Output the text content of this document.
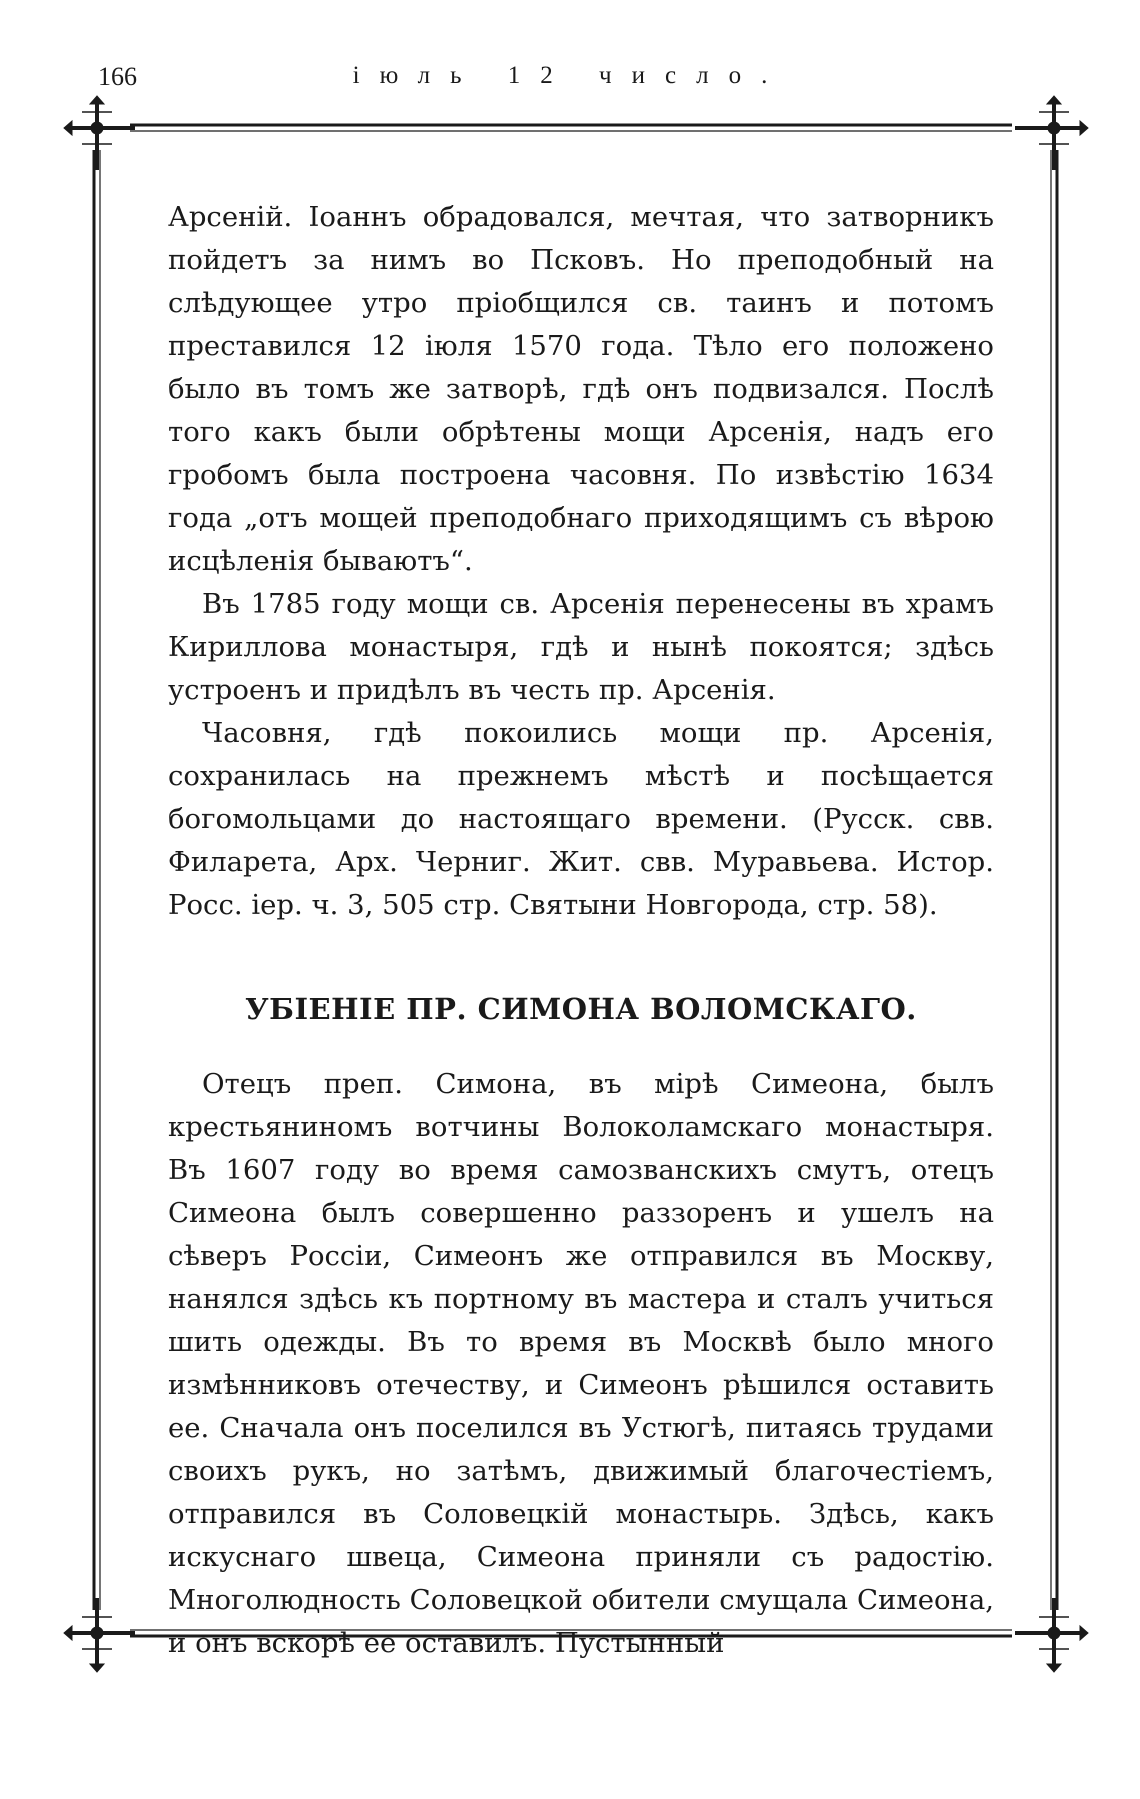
166	іюль 12 число.

Арсеній. Іоаннъ обрадовался, мечтая, что затворникъ пойдетъ за нимъ во Псковъ. Но преподобный на слѣдующее утро пріобщился св. таинъ и потомъ преставился 12 іюля 1570 года. Тѣло его положено было въ томъ же затворѣ, гдѣ онъ подвизался. Послѣ того какъ были обрѣтены мощи Арсенія, надъ его гробомъ была построена часовня. По извѣстію 1634 года „отъ мощей преподобнаго приходящимъ съ вѣрою исцѣленія бываютъ“.

Въ 1785 году мощи св. Арсенія перенесены въ храмъ Кириллова монастыря, гдѣ и нынѣ покоятся; здѣсь устроенъ и придѣлъ въ честь пр. Арсенія.

Часовня, гдѣ покоились мощи пр. Арсенія, сохранилась на прежнемъ мѣстѣ и посѣщается богомольцами до настоящаго времени. (Русск. свв. Филарета, Арх. Черниг. Жит. свв. Муравьева. Истор. Росс. іер. ч. 3, 505 стр. Святыни Новгорода, стр. 58).

УБІЕНІЕ ПР. СИМОНА ВОЛОМСКАГО.

Отецъ преп. Симона, въ мірѣ Симеона, былъ крестьяниномъ вотчины Волоколамскаго монастыря. Въ 1607 году во время самозванскихъ смутъ, отецъ Симеона былъ совершенно раззоренъ и ушелъ на сѣверъ Россіи, Симеонъ же отправился въ Москву, нанялся здѣсь къ портному въ мастера и сталъ учиться шить одежды. Въ то время въ Москвѣ было много измѣнниковъ отечеству, и Симеонъ рѣшился оставить ее. Сначала онъ поселился въ Устюгѣ, питаясь трудами своихъ рукъ, но затѣмъ, движимый благочестіемъ, отправился въ Соловецкій монастырь. Здѣсь, какъ искуснаго швеца, Симеона приняли съ радостію. Многолюдность Соловецкой обители смущала Симеона, и онъ вскорѣ ее оставилъ. Пустынный
